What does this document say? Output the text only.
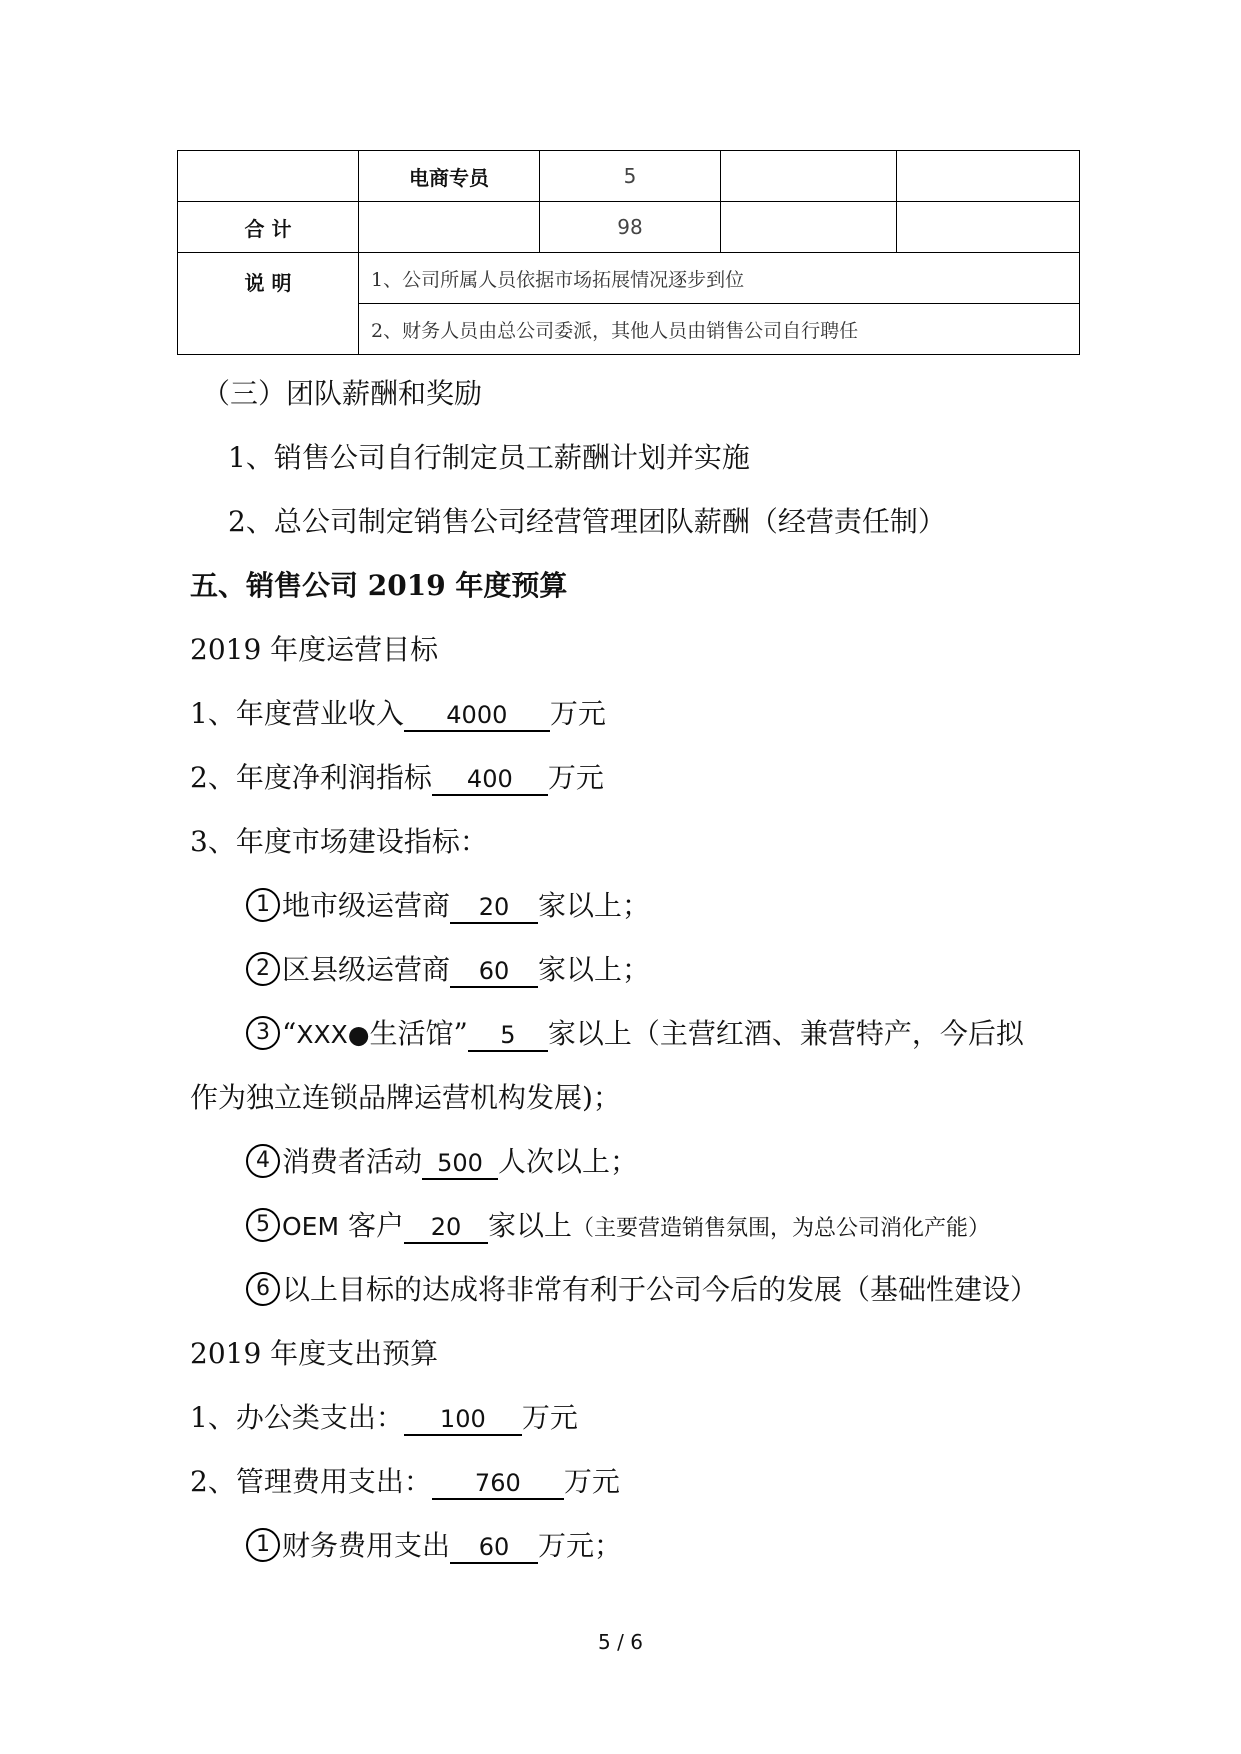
	电商专员	5		
合 计		98		
说 明	1、公司所属人员依据市场拓展情况逐步到位			
	2、财务人员由总公司委派，其他人员由销售公司自行聘任			
（三）团队薪酬和奖励
1、销售公司自行制定员工薪酬计划并实施
2、总公司制定销售公司经营管理团队薪酬（经营责任制）
五、销售公司 2019 年度预算
2019 年度运营目标
1、年度营业收入 4000 万元
2、年度净利润指标 400 万元
3、年度市场建设指标：
1 地市级运营商 20 家以上；
2 区县级运营商 60 家以上；
3 “XXX●生活馆” 5 家以上（主营红酒、兼营特产，今后拟
作为独立连锁品牌运营机构发展)；
4 消费者活动 500 人次以上；
5 OEM 客户 20 家以上（主要营造销售氛围，为总公司消化产能）
6 以上目标的达成将非常有利于公司今后的发展（基础性建设）
2019 年度支出预算
1、办公类支出： 100 万元
2、管理费用支出： 760 万元
1 财务费用支出 60 万元；
5 / 6
